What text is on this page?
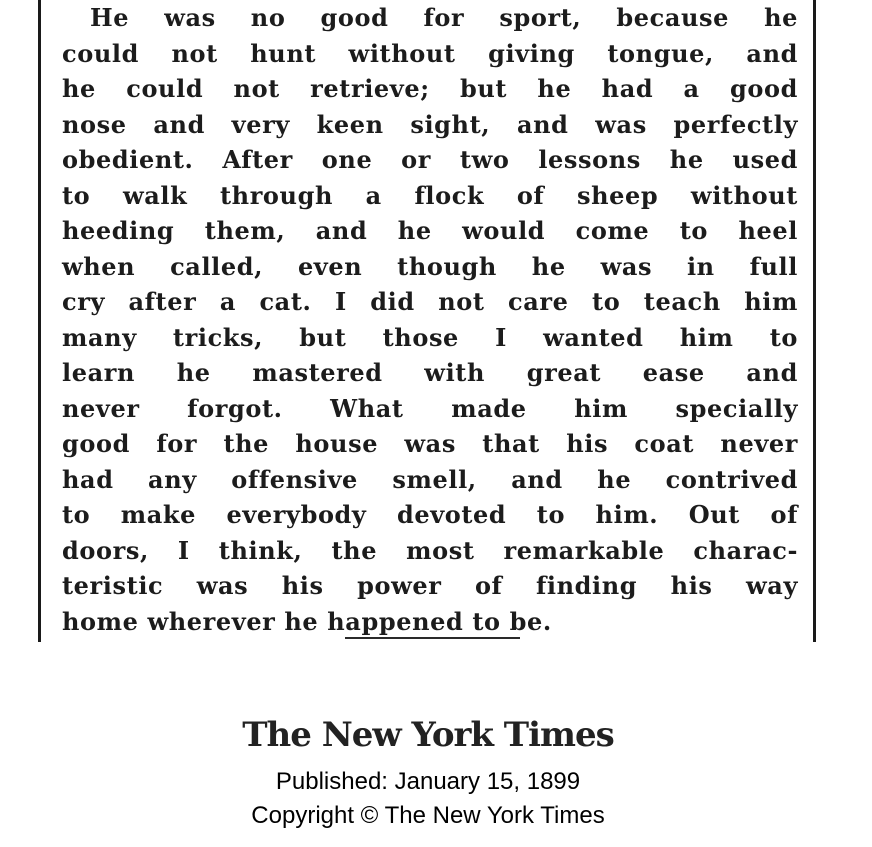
He was no good for sport, because he
could not hunt without giving tongue, and
he could not retrieve; but he had a good
nose and very keen sight, and was perfectly
obedient. After one or two lessons he used
to walk through a flock of sheep without
heeding them, and he would come to heel
when called, even though he was in full
cry after a cat. I did not care to teach him
many tricks, but those I wanted him to
learn he mastered with great ease and
never forgot. What made him specially
good for the house was that his coat never
had any offensive smell, and he contrived
to make everybody devoted to him. Out of
doors, I think, the most remarkable charac-
teristic was his power of finding his way
home wherever he happened to be.
The New York Times
Published: January 15, 1899
Copyright © The New York Times
